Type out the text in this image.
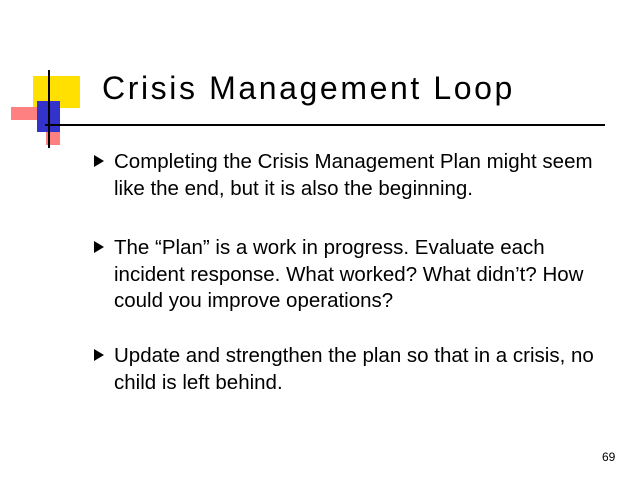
Crisis Management Loop
Completing the Crisis Management Plan might seem like the end, but it is also the beginning.
The “Plan” is a work in progress. Evaluate each incident response. What worked? What didn’t? How could you improve operations?
Update and strengthen the plan so that in a crisis, no child is left behind.
69
